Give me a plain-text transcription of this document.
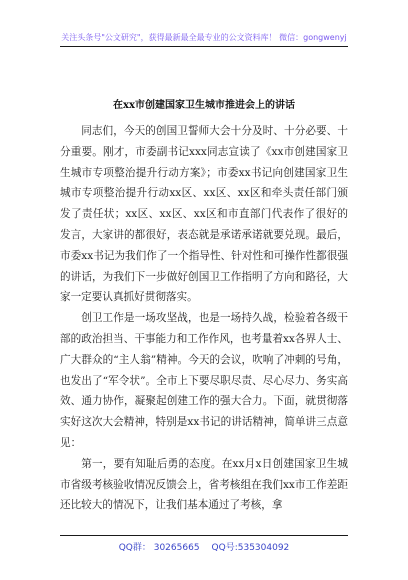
关注头条号"公文研究"，获得最新最全最专业的公文资料库！ 微信：gongwenyj
在xx市创建国家卫生城市推进会上的讲话

同志们，今天的创国卫誓师大会十分及时、十分必要、十分重要。刚才，市委副书记xxx同志宣读了《xx市创建国家卫生城市专项整治提升行动方案》；市委xx书记向创建国家卫生城市专项整治提升行动xx区、xx区、xx区和牵头责任部门颁发了责任状；xx区、xx区、xx区和市直部门代表作了很好的发言，大家讲的都很好，表态就是承诺承诺就要兑现。最后，市委xx书记为我们作了一个指导性、针对性和可操作性都很强的讲话，为我们下一步做好创国卫工作指明了方向和路径，大家一定要认真抓好贯彻落实。

创卫工作是一场攻坚战，也是一场持久战，检验着各级干部的政治担当、干事能力和工作作风，也考量着xx各界人士、广大群众的“主人翁”精神。今天的会议，吹响了冲刺的号角，也发出了“军令状”。全市上下要尽职尽责、尽心尽力、务实高效、通力协作，凝聚起创建工作的强大合力。下面，就贯彻落实好这次大会精神，特别是xx书记的讲话精神，简单讲三点意见：

第一，要有知耻后勇的态度。在xx月x日创建国家卫生城市省级考核验收情况反馈会上，省考核组在我们xx市工作差距还比较大的情况下，让我们基本通过了考核，拿

QQ群： 30265665 QQ号:535304092
